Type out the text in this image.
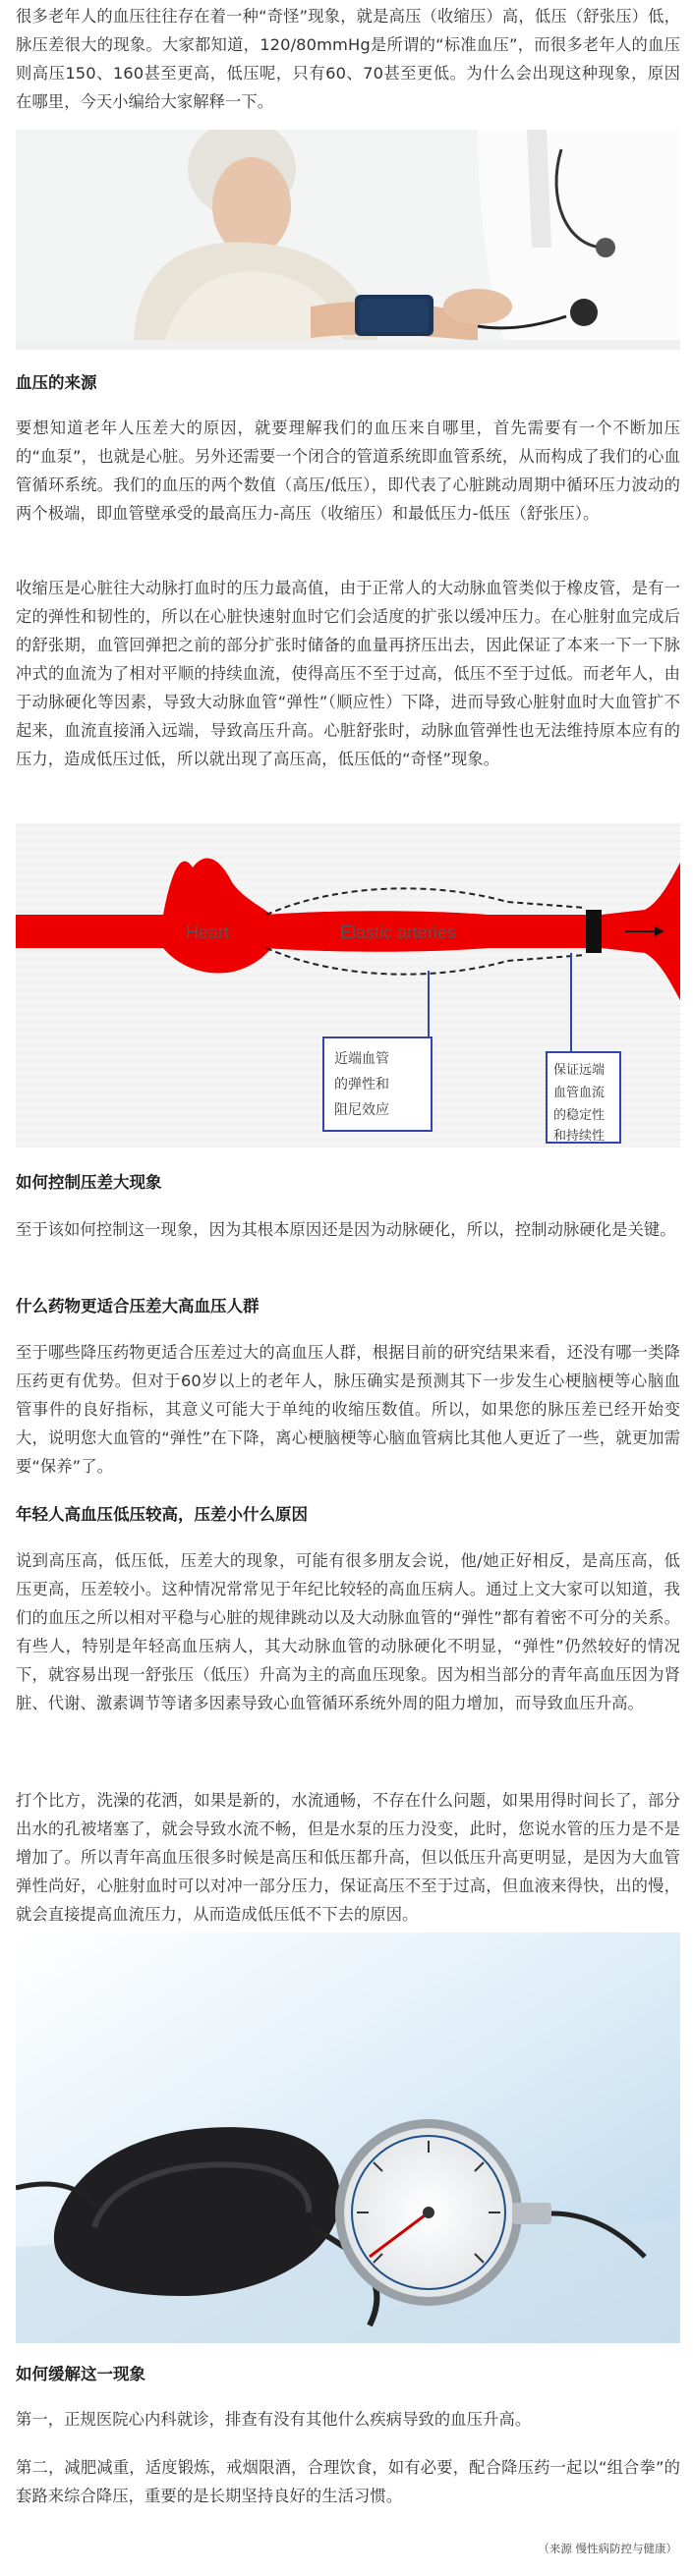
很多老年人的血压往往存在着一种“奇怪”现象，就是高压（收缩压）高，低压（舒张压）低，脉压差很大的现象。大家都知道，120/80mmHg是所谓的“标准血压”，而很多老年人的血压则高压150、160甚至更高，低压呢，只有60、70甚至更低。为什么会出现这种现象，原因在哪里，今天小编给大家解释一下。

血压的来源

要想知道老年人压差大的原因，就要理解我们的血压来自哪里，首先需要有一个不断加压的“血泵”，也就是心脏。另外还需要一个闭合的管道系统即血管系统，从而构成了我们的心血管循环系统。我们的血压的两个数值（高压/低压），即代表了心脏跳动周期中循环压力波动的两个极端，即血管壁承受的最高压力-高压（收缩压）和最低压力-低压（舒张压）。

收缩压是心脏往大动脉打血时的压力最高值，由于正常人的大动脉血管类似于橡皮管，是有一定的弹性和韧性的，所以在心脏快速射血时它们会适度的扩张以缓冲压力。在心脏射血完成后的舒张期，血管回弹把之前的部分扩张时储备的血量再挤压出去，因此保证了本来一下一下脉冲式的血流为了相对平顺的持续血流，使得高压不至于过高，低压不至于过低。而老年人，由于动脉硬化等因素，导致大动脉血管“弹性”（顺应性）下降，进而导致心脏射血时大血管扩不起来，血流直接涌入远端，导致高压升高。心脏舒张时，动脉血管弹性也无法维持原本应有的压力，造成低压过低，所以就出现了高压高，低压低的“奇怪”现象。

Heart	Elastic arteries
近端血管 的弹性和 阻尼效应
保证远端 血管血流 的稳定性 和持续性
如何控制压差大现象

至于该如何控制这一现象，因为其根本原因还是因为动脉硬化，所以，控制动脉硬化是关键。

什么药物更适合压差大高血压人群

至于哪些降压药物更适合压差过大的高血压人群，根据目前的研究结果来看，还没有哪一类降压药更有优势。但对于60岁以上的老年人，脉压确实是预测其下一步发生心梗脑梗等心脑血管事件的良好指标，其意义可能大于单纯的收缩压数值。所以，如果您的脉压差已经开始变大，说明您大血管的“弹性”在下降，离心梗脑梗等心脑血管病比其他人更近了一些，就更加需要“保养”了。

年轻人高血压低压较高，压差小什么原因

说到高压高，低压低，压差大的现象，可能有很多朋友会说，他/她正好相反，是高压高，低压更高，压差较小。这种情况常常见于年纪比较轻的高血压病人。通过上文大家可以知道，我们的血压之所以相对平稳与心脏的规律跳动以及大动脉血管的“弹性”都有着密不可分的关系。有些人，特别是年轻高血压病人，其大动脉血管的动脉硬化不明显，“弹性”仍然较好的情况下，就容易出现一舒张压（低压）升高为主的高血压现象。因为相当部分的青年高血压因为肾脏、代谢、激素调节等诸多因素导致心血管循环系统外周的阻力增加，而导致血压升高。

打个比方，洗澡的花洒，如果是新的，水流通畅，不存在什么问题，如果用得时间长了，部分出水的孔被堵塞了，就会导致水流不畅，但是水泵的压力没变，此时，您说水管的压力是不是增加了。所以青年高血压很多时候是高压和低压都升高，但以低压升高更明显，是因为大血管弹性尚好，心脏射血时可以对冲一部分压力，保证高压不至于过高，但血液来得快，出的慢，就会直接提高血流压力，从而造成低压低不下去的原因。

如何缓解这一现象

第一，正规医院心内科就诊，排查有没有其他什么疾病导致的血压升高。

第二，减肥减重，适度锻炼，戒烟限酒，合理饮食，如有必要，配合降压药一起以“组合拳”的套路来综合降压，重要的是长期坚持良好的生活习惯。

（来源 慢性病防控与健康）
